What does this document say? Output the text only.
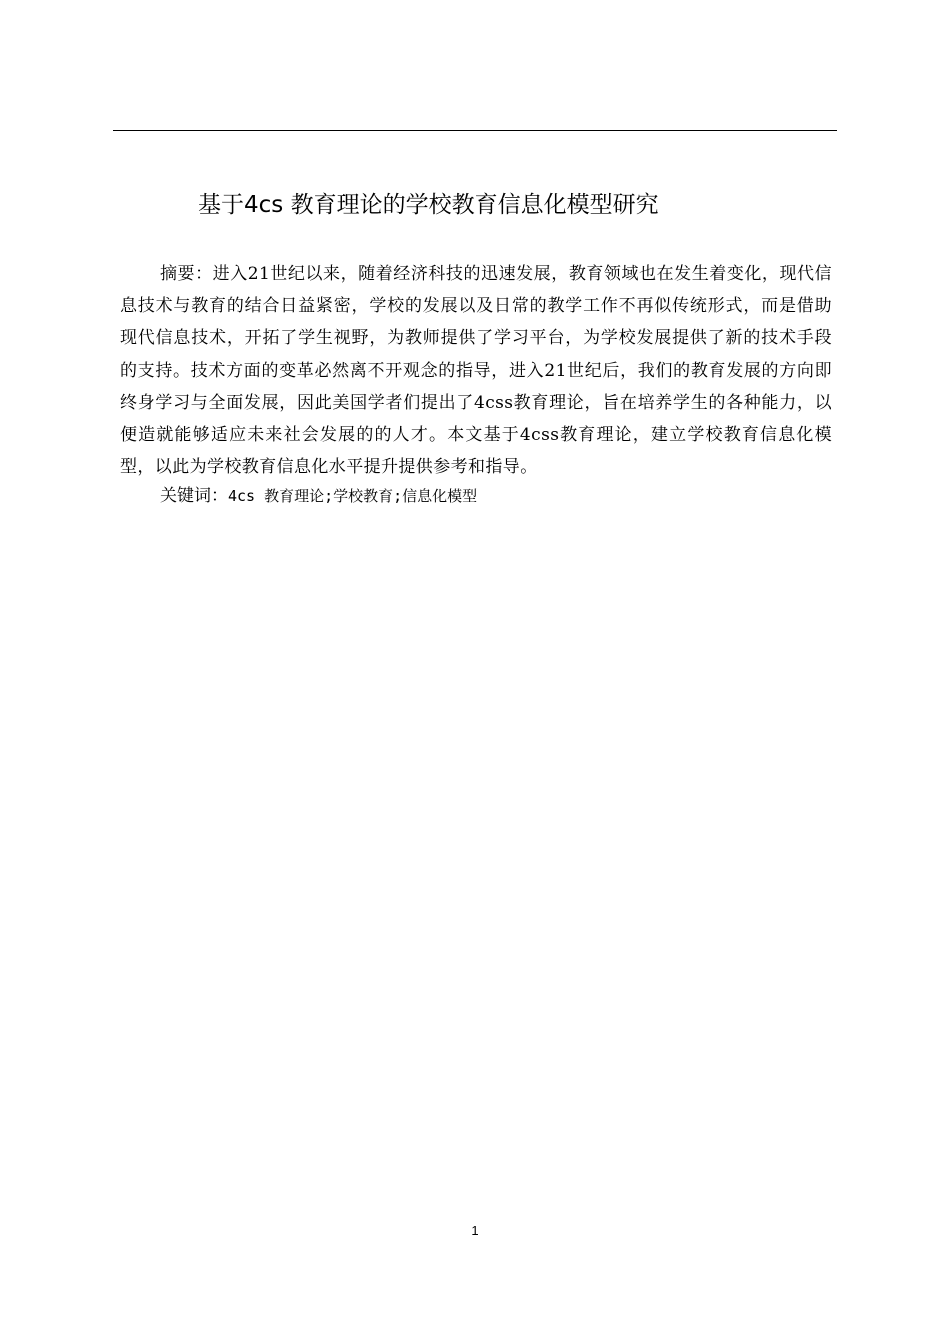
基于4cs 教育理论的学校教育信息化模型研究
摘要：进入21世纪以来，随着经济科技的迅速发展，教育领域也在发生着变化，现代信息技术与教育的结合日益紧密，学校的发展以及日常的教学工作不再似传统形式，而是借助现代信息技术，开拓了学生视野，为教师提供了学习平台，为学校发展提供了新的技术手段的支持。技术方面的变革必然离不开观念的指导，进入21世纪后，我们的教育发展的方向即终身学习与全面发展，因此美国学者们提出了4css教育理论，旨在培养学生的各种能力，以便造就能够适应未来社会发展的的人才。本文基于4css教育理论，建立学校教育信息化模型，以此为学校教育信息化水平提升提供参考和指导。
关键词：4cs 教育理论;学校教育;信息化模型
1
